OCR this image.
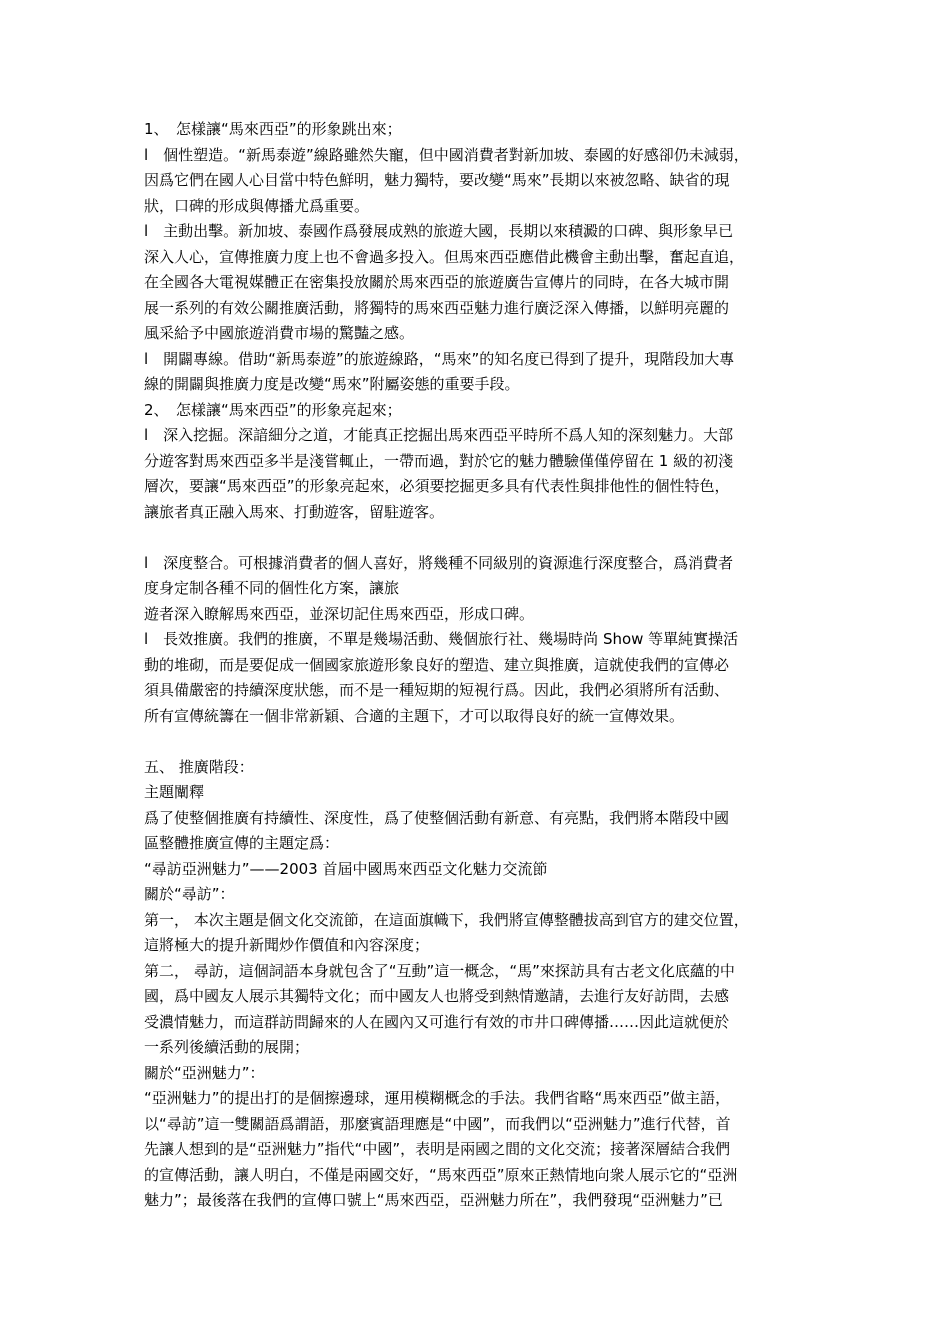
1、　怎樣讓“馬來西亞”的形象跳出來；
l　個性塑造。“新馬泰遊”線路雖然失寵，但中國消費者對新加坡、泰國的好感卻仍未減弱，
因爲它們在國人心目當中特色鮮明，魅力獨特，要改變“馬來”長期以來被忽略、缺省的現
狀，口碑的形成與傳播尤爲重要。
l　主動出擊。新加坡、泰國作爲發展成熟的旅遊大國，長期以來積澱的口碑、與形象早已
深入人心，宣傳推廣力度上也不會過多投入。但馬來西亞應借此機會主動出擊，奮起直追，
在全國各大電視媒體正在密集投放關於馬來西亞的旅遊廣告宣傳片的同時，在各大城市開
展一系列的有效公關推廣活動，將獨特的馬來西亞魅力進行廣泛深入傳播，以鮮明亮麗的
風采給予中國旅遊消費市場的驚豔之感。
l　開闢專線。借助“新馬泰遊”的旅遊線路，“馬來”的知名度已得到了提升，現階段加大專
線的開闢與推廣力度是改變“馬來”附屬姿態的重要手段。
2、　怎樣讓“馬來西亞”的形象亮起來；
l　深入挖掘。深諳細分之道，才能真正挖掘出馬來西亞平時所不爲人知的深刻魅力。大部
分遊客對馬來西亞多半是淺嘗輒止，一帶而過，對於它的魅力體驗僅僅停留在 1 級的初淺
層次，要讓“馬來西亞”的形象亮起來，必須要挖掘更多具有代表性與排他性的個性特色，
讓旅者真正融入馬來、打動遊客，留駐遊客。
l　深度整合。可根據消費者的個人喜好，將幾種不同級別的資源進行深度整合，爲消費者
度身定制各種不同的個性化方案，讓旅
遊者深入瞭解馬來西亞，並深切記住馬來西亞，形成口碑。
l　長效推廣。我們的推廣，不單是幾場活動、幾個旅行社、幾場時尚 Show 等單純實操活
動的堆砌，而是要促成一個國家旅遊形象良好的塑造、建立與推廣，這就使我們的宣傳必
須具備嚴密的持續深度狀態，而不是一種短期的短視行爲。因此，我們必須將所有活動、
所有宣傳統籌在一個非常新穎、合適的主題下，才可以取得良好的統一宣傳效果。
五、 推廣階段：
主題闡釋
爲了使整個推廣有持續性、深度性，爲了使整個活動有新意、有亮點，我們將本階段中國
區整體推廣宣傳的主題定爲：
“尋訪亞洲魅力”——2003 首屆中國馬來西亞文化魅力交流節
關於“尋訪”：
第一， 本次主題是個文化交流節，在這面旗幟下，我們將宣傳整體拔高到官方的建交位置，
這將極大的提升新聞炒作價值和內容深度；
第二， 尋訪，這個詞語本身就包含了“互動”這一概念，“馬”來探訪具有古老文化底蘊的中
國，爲中國友人展示其獨特文化；而中國友人也將受到熱情邀請，去進行友好訪問，去感
受濃情魅力，而這群訪問歸來的人在國內又可進行有效的市井口碑傳播……因此這就便於
一系列後續活動的展開；
關於“亞洲魅力”：
“亞洲魅力”的提出打的是個擦邊球，運用模糊概念的手法。我們省略“馬來西亞”做主語，
以“尋訪”這一雙關語爲謂語，那麼賓語理應是“中國”，而我們以“亞洲魅力”進行代替，首
先讓人想到的是“亞洲魅力”指代“中國”，表明是兩國之間的文化交流；接著深層結合我們
的宣傳活動，讓人明白，不僅是兩國交好，“馬來西亞”原來正熱情地向衆人展示它的“亞洲
魅力”；最後落在我們的宣傳口號上“馬來西亞，亞洲魅力所在”，我們發現“亞洲魅力”已
